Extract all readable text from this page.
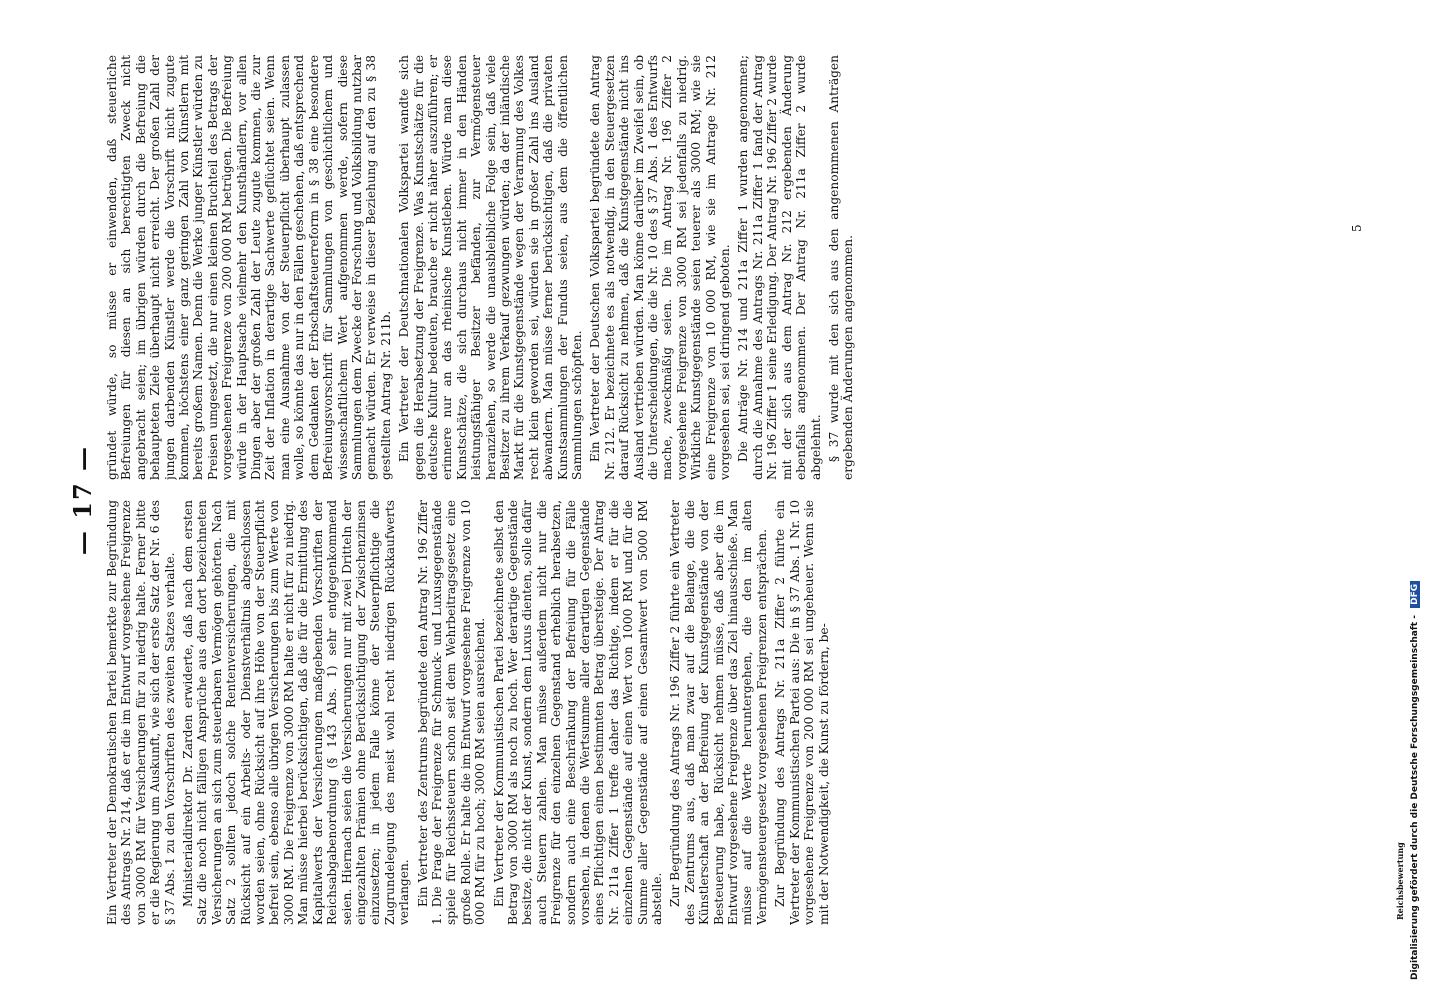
— 17 — Ein Vertreter der Demokratischen Partei bemerkte zur Begründung des Antrags Nr. 214, daß er die im Entwurf vorgesehene Freigrenze von 3000 RM für Versicherungen für zu niedrig halte. Ferner bitte er die Regierung um Auskunft, wie sich der erste Satz der Nr. 6 des § 37 Abs. 1 zu den Vorschriften des zweiten Satzes verhalte. Ministerialdirektor Dr. Zarden erwiderte, daß nach dem ersten Satz die noch nicht fälligen Ansprüche aus den dort bezeichneten Versicherungen an sich zum steuerbaren Vermögen gehörten. Nach Satz 2 sollten jedoch solche Rentenversicherungen, die mit Rücksicht auf ein Arbeits- oder Dienstverhältnis abgeschlossen worden seien, ohne Rücksicht auf ihre Höhe von der Steuerpflicht befreit sein, ebenso alle übrigen Versicherungen bis zum Werte von 3000 RM. Die Freigrenze von 3000 RM halte er nicht für zu niedrig. Man müsse hierbei berücksichtigen, daß die für die Ermittlung des Kapitalwerts der Versicherungen maßgebenden Vorschriften der Reichsabgabenordnung (§ 143 Abs. 1) sehr entgegenkommend seien. Hiernach seien die Versicherungen nur mit zwei Dritteln der eingezahlten Prämien ohne Berücksichtigung der Zwischenzinsen einzusetzen; in jedem Falle könne der Steuerpflichtige die Zugrundelegung des meist wohl recht niedrigen Rückkaufwerts verlangen. Ein Vertreter des Zentrums begründete den Antrag Nr. 196 Ziffer 1. Die Frage der Freigrenze für Schmuck- und Luxusgegenstände spiele für Reichssteuern schon seit dem Wehrbeitragsgesetz eine große Rolle. Er halte die im Entwurf vorgesehene Freigrenze von 10 000 RM für zu hoch; 3000 RM seien ausreichend. Ein Vertreter der Kommunistischen Partei bezeichnete selbst den Betrag von 3000 RM als noch zu hoch. Wer derartige Gegenstände besitze, die nicht der Kunst, sondern dem Luxus dienten, solle dafür auch Steuern zahlen. Man müsse außerdem nicht nur die Freigrenze für den einzelnen Gegenstand erheblich herabsetzen, sondern auch eine Beschränkung der Befreiung für die Fälle vorsehen, in denen die Wertsumme aller derartigen Gegenstände eines Pflichtigen einen bestimmten Betrag übersteige. Der Antrag Nr. 211a Ziffer 1 treffe daher das Richtige, indem er für die einzelnen Gegenstände auf einen Wert von 1000 RM und für die Summe aller Gegenstände auf einen Gesamtwert von 5000 RM abstelle. Zur Begründung des Antrags Nr. 196 Ziffer 2 führte ein Vertreter des Zentrums aus, daß man zwar auf die Belange, die die Künstlerschaft an der Befreiung der Kunstgegenstände von der Besteuerung habe, Rücksicht nehmen müsse, daß aber die im Entwurf vorgesehene Freigrenze über das Ziel hinausschieße. Man müsse auf die Werte heruntergehen, die den im alten Vermögensteuergesetz vorgesehenen Freigrenzen entsprächen. Zur Begründung des Antrags Nr. 211a Ziffer 2 führte ein Vertreter der Kommunistischen Partei aus: Die in § 37 Abs. 1 Nr. 10 vorgesehene Freigrenze von 200 000 RM sei ungeheuer. Wenn sie mit der Notwendigkeit, die Kunst zu fördern, be-

gründet würde, so müsse er einwenden, daß steuerliche Befreiungen für diesen an sich berechtigten Zweck nicht angebracht seien; im übrigen würden durch die Befreiung die behaupteten Ziele überhaupt nicht erreicht. Der großen Zahl der jungen darbenden Künstler werde die Vorschrift nicht zugute kommen, höchstens einer ganz geringen Zahl von Künstlern mit bereits großem Namen. Denn die Werke junger Künstler würden zu Preisen umgesetzt, die nur einen kleinen Bruchteil des Betrags der vorgesehenen Freigrenze von 200 000 RM betrügen. Die Befreiung würde in der Hauptsache vielmehr den Kunsthändlern, vor allen Dingen aber der großen Zahl der Leute zugute kommen, die zur Zeit der Inflation in derartige Sachwerte geflüchtet seien. Wenn man eine Ausnahme von der Steuerpflicht überhaupt zulassen wolle, so könnte das nur in den Fällen geschehen, daß entsprechend dem Gedanken der Erbschaftsteuerreform in § 38 eine besondere Befreiungsvorschrift für Sammlungen von geschichtlichem und wissenschaftlichem Wert aufgenommen werde, sofern diese Sammlungen dem Zwecke der Forschung und Volksbildung nutzbar gemacht würden. Er verweise in dieser Beziehung auf den zu § 38 gestellten Antrag Nr. 211b. Ein Vertreter der Deutschnationalen Volkspartei wandte sich gegen die Herabsetzung der Freigrenze. Was Kunstschätze für die deutsche Kultur bedeuten, brauche er nicht näher auszuführen; er erinnere nur an das rheinische Kunstleben. Würde man diese Kunstschätze, die sich durchaus nicht immer in den Händen leistungsfähiger Besitzer befänden, zur Vermögensteuer heranziehen, so werde die unausbleibliche Folge sein, daß viele Besitzer zu ihrem Verkauf gezwungen würden; da der inländische Markt für die Kunstgegenstände wegen der Verarmung des Volkes recht klein geworden sei, würden sie in großer Zahl ins Ausland abwandern. Man müsse ferner berücksichtigen, daß die privaten Kunstsammlungen der Fundus seien, aus dem die öffentlichen Sammlungen schöpften. Ein Vertreter der Deutschen Volkspartei begründete den Antrag Nr. 212. Er bezeichnete es als notwendig, in den Steuergesetzen darauf Rücksicht zu nehmen, daß die Kunstgegenstände nicht ins Ausland vertrieben würden. Man könne darüber im Zweifel sein, ob die Unterscheidungen, die die Nr. 10 des § 37 Abs. 1 des Entwurfs mache, zweckmäßig seien. Die im Antrag Nr. 196 Ziffer 2 vorgesehene Freigrenze von 3000 RM sei jedenfalls zu niedrig. Wirkliche Kunstgegenstände seien teuerer als 3000 RM; wie sie eine Freigrenze von 10 000 RM, wie sie im Antrage Nr. 212 vorgesehen sei, sei dringend geboten. Die Anträge Nr. 214 und 211a Ziffer 1 wurden angenommen; durch die Annahme des Antrags Nr. 211a Ziffer 1 fand der Antrag Nr. 196 Ziffer 1 seine Erledigung. Der Antrag Nr. 196 Ziffer 2 wurde mit der sich aus dem Antrag Nr. 212 ergebenden Änderung ebenfalls angenommen. Der Antrag Nr. 211a Ziffer 2 wurde abgelehnt. § 37 wurde mit den sich aus den angenommenen Anträgen ergebenden Änderungen angenommen.

5
Reichsbewertung Digitalisierung gefördert durch die Deutsche Forschungsgemeinschaft - DFG
